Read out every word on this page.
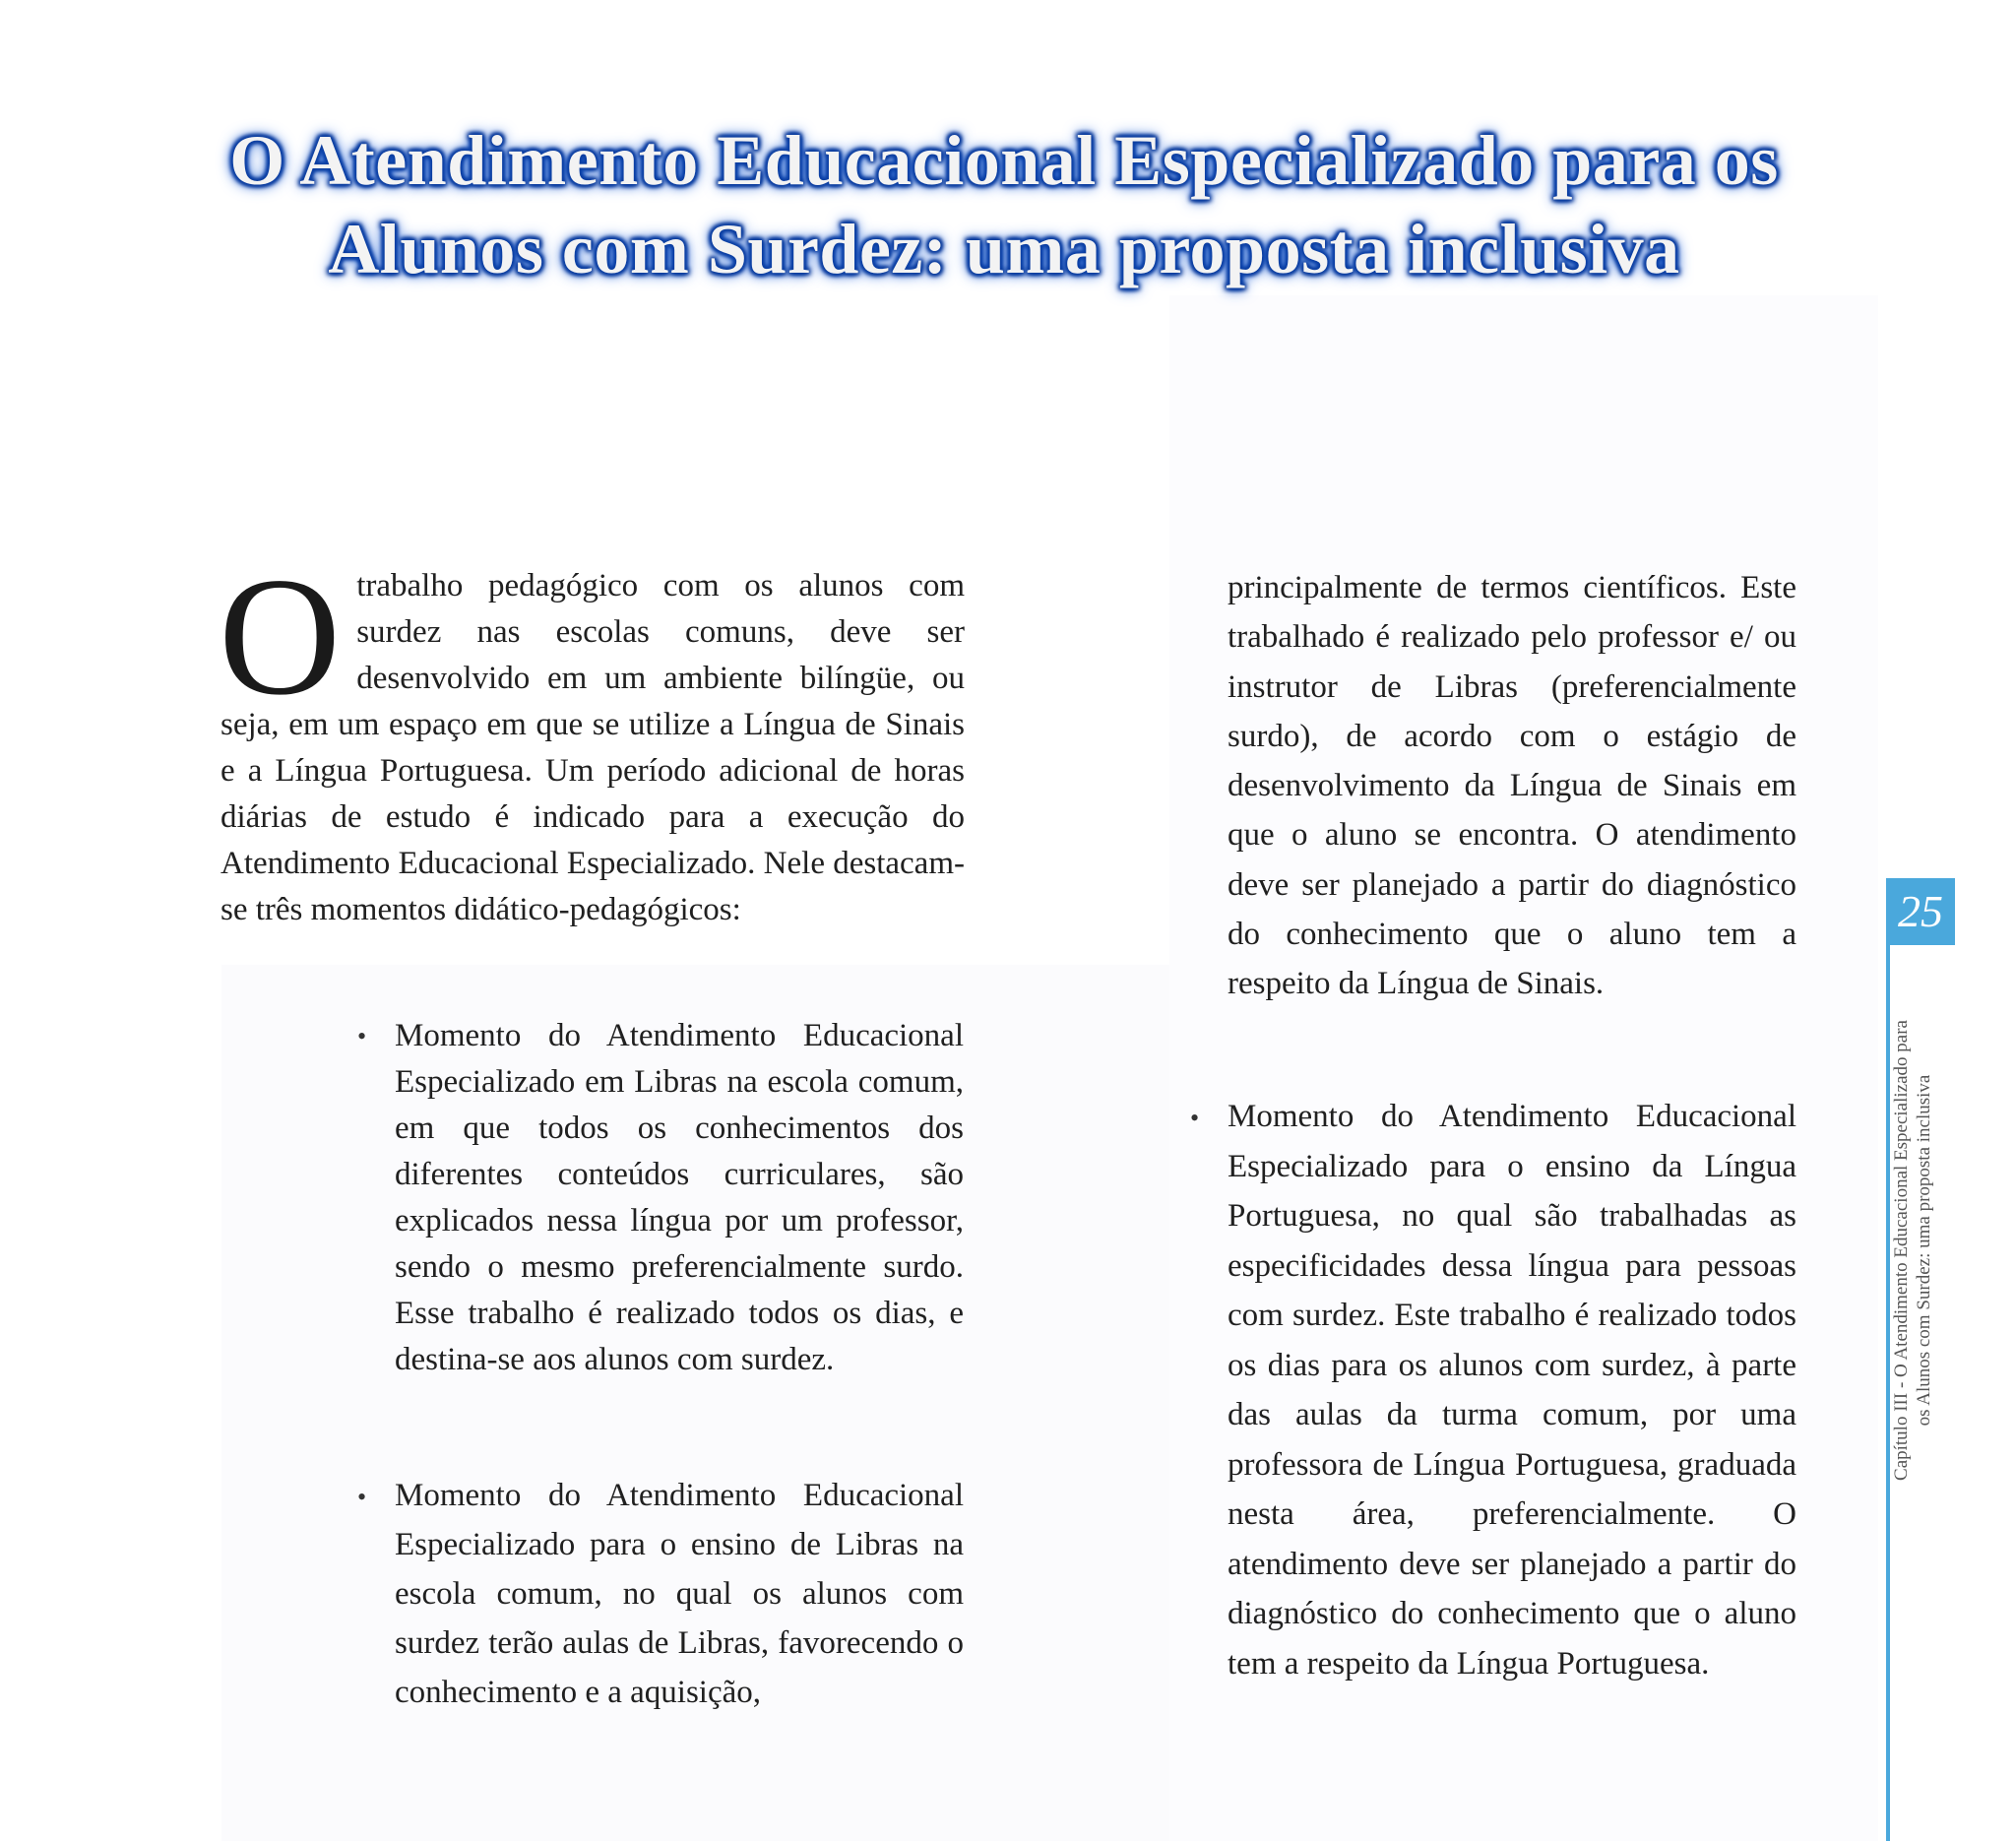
O Atendimento Educacional Especializado para os
Alunos com Surdez: uma proposta inclusiva
O trabalho pedagógico com os alunos com surdez nas escolas comuns, deve ser desenvolvido em um ambiente bilíngüe, ou seja, em um espaço em que se utilize a Língua de Sinais e a Língua Portuguesa. Um período adicional de horas diárias de estudo é indicado para a execução do Atendimento Educacional Especializado. Nele destacam-se três momentos didático-pedagógicos:
• Momento do Atendimento Educacional Especializado em Libras na escola comum, em que todos os conhecimentos dos diferentes conteúdos curriculares, são explicados nessa língua por um professor, sendo o mesmo preferencialmente surdo. Esse trabalho é realizado todos os dias, e destina-se aos alunos com surdez.
• Momento do Atendimento Educacional Especializado para o ensino de Libras na escola comum, no qual os alunos com surdez terão aulas de Libras, favorecendo o conhecimento e a aquisição,
principalmente de termos científicos. Este trabalhado é realizado pelo professor e/ ou instrutor de Libras (preferencialmente surdo), de acordo com o estágio de desenvolvimento da Língua de Sinais em que o aluno se encontra. O atendimento deve ser planejado a partir do diagnóstico do conhecimento que o aluno tem a respeito da Língua de Sinais.
• Momento do Atendimento Educacional Especializado para o ensino da Língua Portuguesa, no qual são trabalhadas as especificidades dessa língua para pessoas com surdez. Este trabalho é realizado todos os dias para os alunos com surdez, à parte das aulas da turma comum, por uma professora de Língua Portuguesa, graduada nesta área, preferencialmente. O atendimento deve ser planejado a partir do diagnóstico do conhecimento que o aluno tem a respeito da Língua Portuguesa.
25
Capítulo III - O Atendimento Educacional Especializado para os Alunos com Surdez: uma proposta inclusiva
